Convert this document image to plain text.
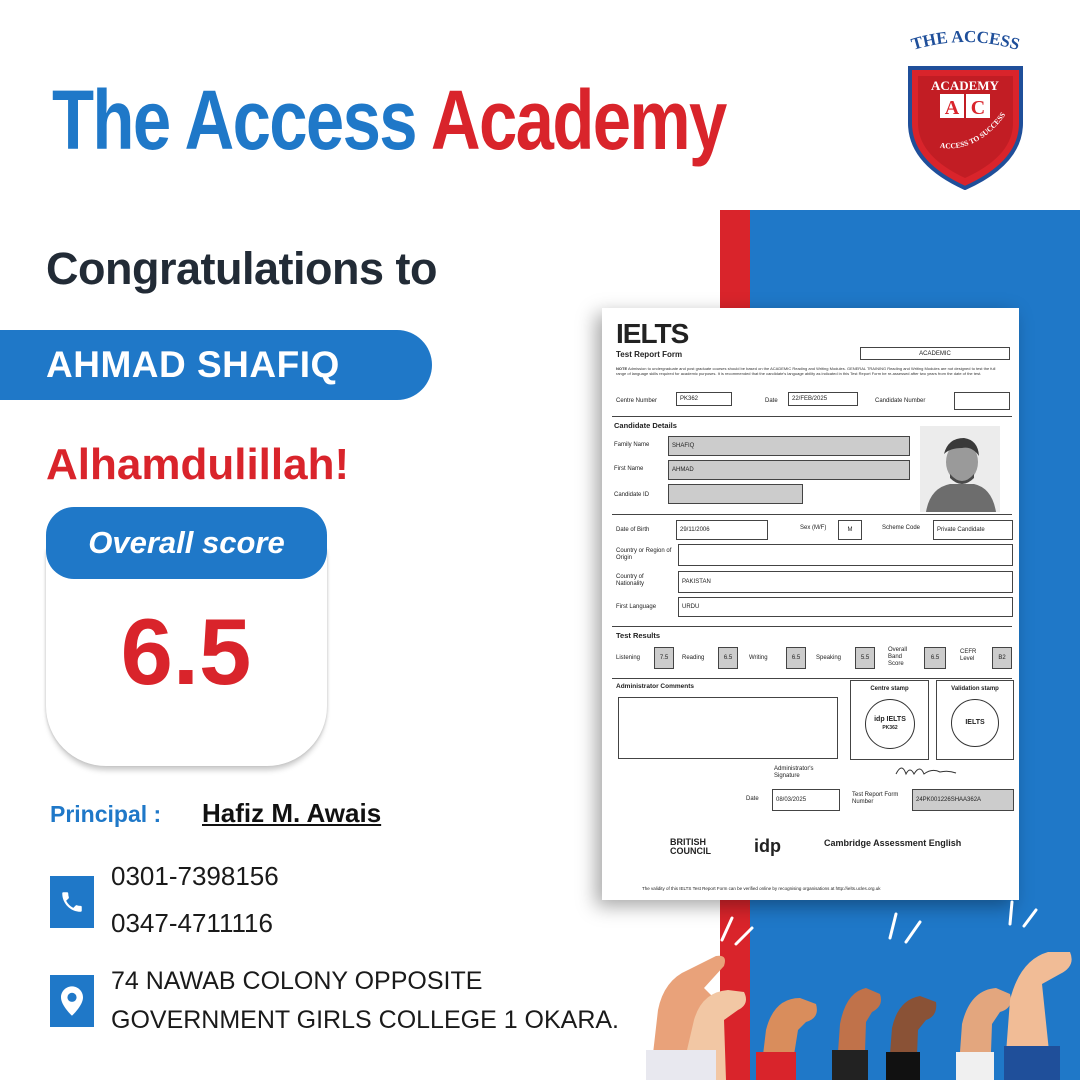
The Access Academy	A C
THE ACCESS
ACADEMY
ACCESS TO SUCCESS
Congratulations to
AHMAD SHAFIQ
Alhamdulillah!
Overall score
6.5
Principal : Hafiz M. Awais
0301-7398156
0347-4711116
74 NAWAB COLONY OPPOSITE
GOVERNMENT GIRLS COLLEGE 1 OKARA.
IELTS
Test Report Form	ACADEMIC
NOTE Admission to undergraduate and post graduate courses should be based on the ACADEMIC Reading and Writing Modules. GENERAL TRAINING Reading and Writing Modules are not designed to test the full range of language skills required for academic purposes. It is recommended that the candidate's language ability as indicated in this Test Report Form be re-assessed after two years from the date of the test.
Centre Number	PK362	Date	22/FEB/2025	Candidate Number
Candidate Details
Family Name	SHAFIQ
First Name	AHMAD
Candidate ID
Date of Birth	29/11/2006	Sex (M/F)	M	Scheme Code	Private Candidate
Country or Region of Origin
Country of Nationality	PAKISTAN
First Language	URDU
Test Results
Listening	7.5	Reading	6.5	Writing	6.5	Speaking	5.5
Overall Band Score
6.5
CEFR Level	B2
Administrator Comments	Centre stamp
idp IELTS
PK362
Validation stamp
IELTS
Administrator's Signature
Date	08/03/2025
Test Report Form Number	24PK001226SHAA362A
BRITISH COUNCIL	idp	Cambridge Assessment English
The validity of this IELTS Test Report Form can be verified online by recognising organisations at http://ielts.ucles.org.uk
